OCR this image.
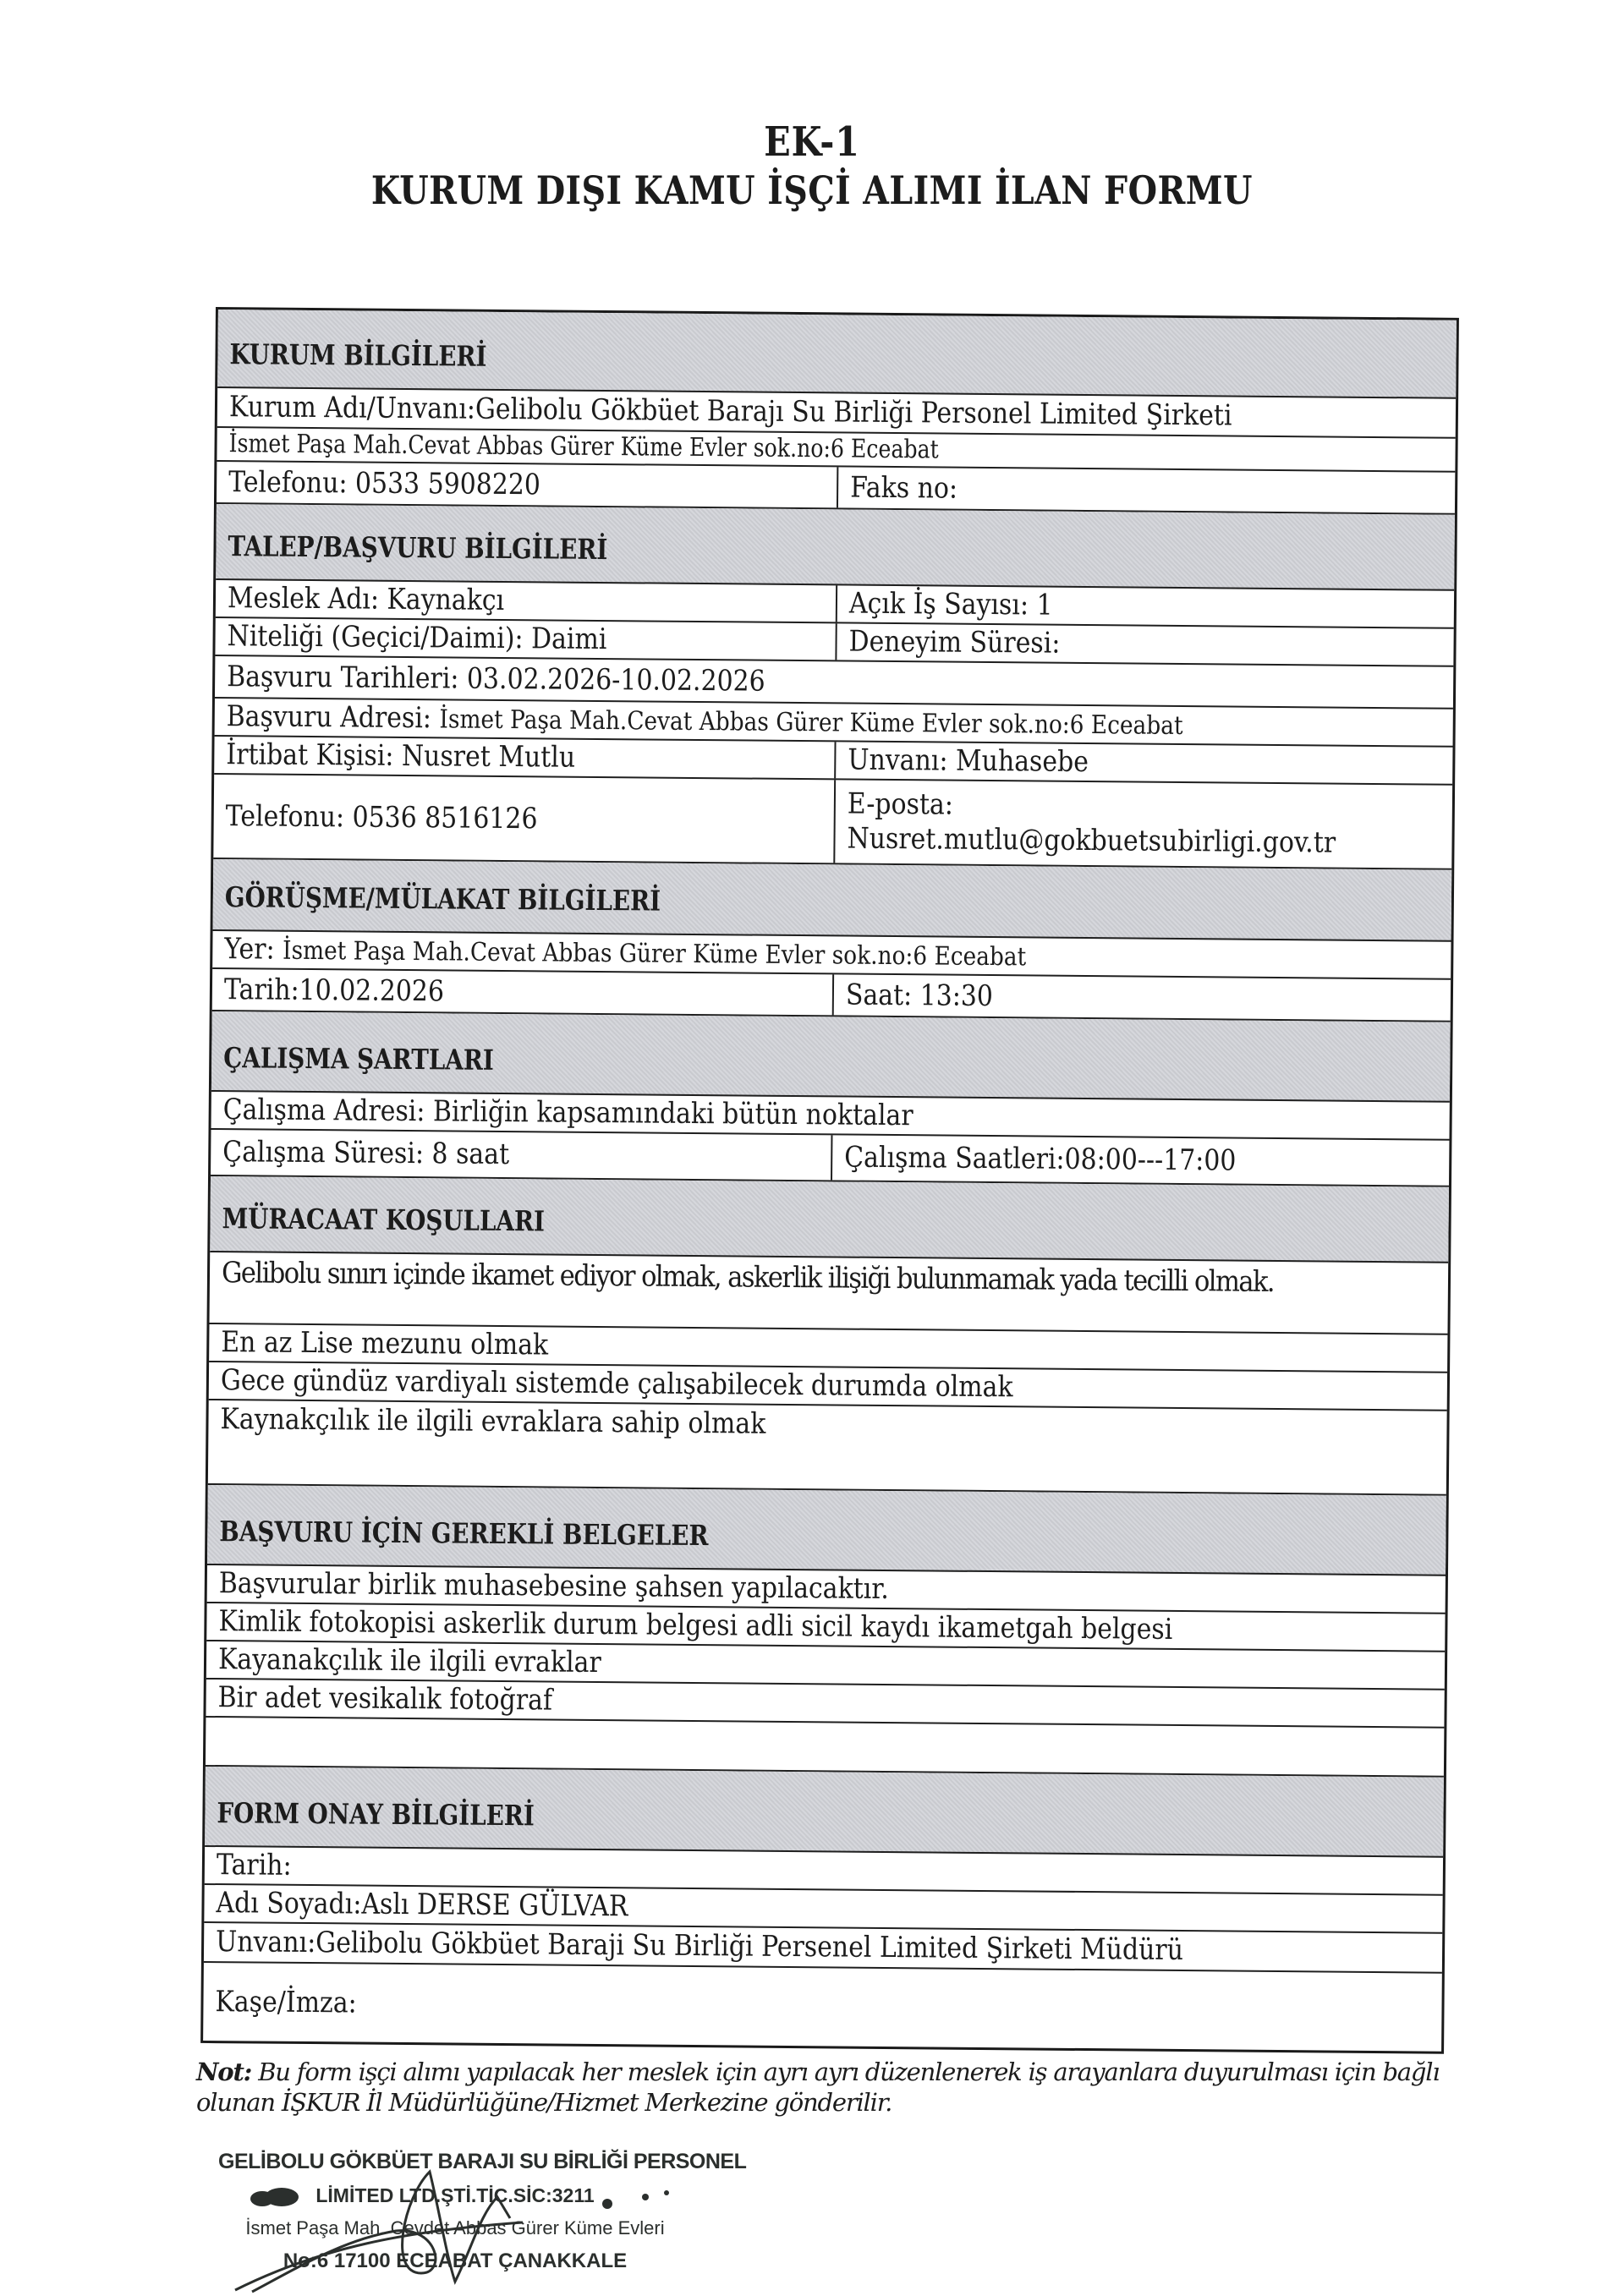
EK-1
KURUM DIŞI KAMU İŞÇİ ALIMI İLAN FORMU
KURUM BİLGİLERİ
Kurum Adı/Unvanı:Gelibolu Gökbüet Barajı Su Birliği Personel Limited Şirketi
İsmet Paşa Mah.Cevat Abbas Gürer Küme Evler sok.no:6 Eceabat
Telefonu: 0533 5908220	Faks no:
TALEP/BAŞVURU BİLGİLERİ
Meslek Adı: Kaynakçı	Açık İş Sayısı: 1
Niteliği (Geçici/Daimi): Daimi	Deneyim Süresi:
Başvuru Tarihleri: 03.02.2026-10.02.2026
Başvuru Adresi: İsmet Paşa Mah.Cevat Abbas Gürer Küme Evler sok.no:6 Eceabat
İrtibat Kişisi: Nusret Mutlu	Unvanı: Muhasebe
Telefonu: 0536 8516126	E-posta:
Nusret.mutlu@gokbuetsubirligi.gov.tr
GÖRÜŞME/MÜLAKAT BİLGİLERİ
Yer: İsmet Paşa Mah.Cevat Abbas Gürer Küme Evler sok.no:6 Eceabat
Tarih:10.02.2026	Saat: 13:30
ÇALIŞMA ŞARTLARI
Çalışma Adresi: Birliğin kapsamındaki bütün noktalar
Çalışma Süresi: 8 saat	Çalışma Saatleri:08:00---17:00
MÜRACAAT KOŞULLARI
Gelibolu sınırı içinde ikamet ediyor olmak, askerlik ilişiği bulunmamak yada tecilli olmak.
En az Lise mezunu olmak
Gece gündüz vardiyalı sistemde çalışabilecek durumda olmak
Kaynakçılık ile ilgili evraklara sahip olmak
BAŞVURU İÇİN GEREKLİ BELGELER
Başvurular birlik muhasebesine şahsen yapılacaktır.
Kimlik fotokopisi askerlik durum belgesi adli sicil kaydı ikametgah belgesi
Kayanakçılık ile ilgili evraklar
Bir adet vesikalık fotoğraf
FORM ONAY BİLGİLERİ
Tarih:
Adı Soyadı:Aslı DERSE GÜLVAR
Unvanı:Gelibolu Gökbüet Baraji Su Birliği Persenel Limited Şirketi Müdürü
Kaşe/İmza:
Not: Bu form işçi alımı yapılacak her meslek için ayrı ayrı düzenlenerek iş arayanlara duyurulması için bağlı olunan İŞKUR İl Müdürlüğüne/Hizmet Merkezine gönderilir.
GELİBOLU GÖKBÜET BARAJI SU BİRLİĞİ PERSONEL
LİMİTED LTD.ŞTİ.TİC.SİC:3211
İsmet Paşa Mah. Cevdet Abbas Gürer Küme Evleri
No:6 17100 ECEABAT ÇANAKKALE
